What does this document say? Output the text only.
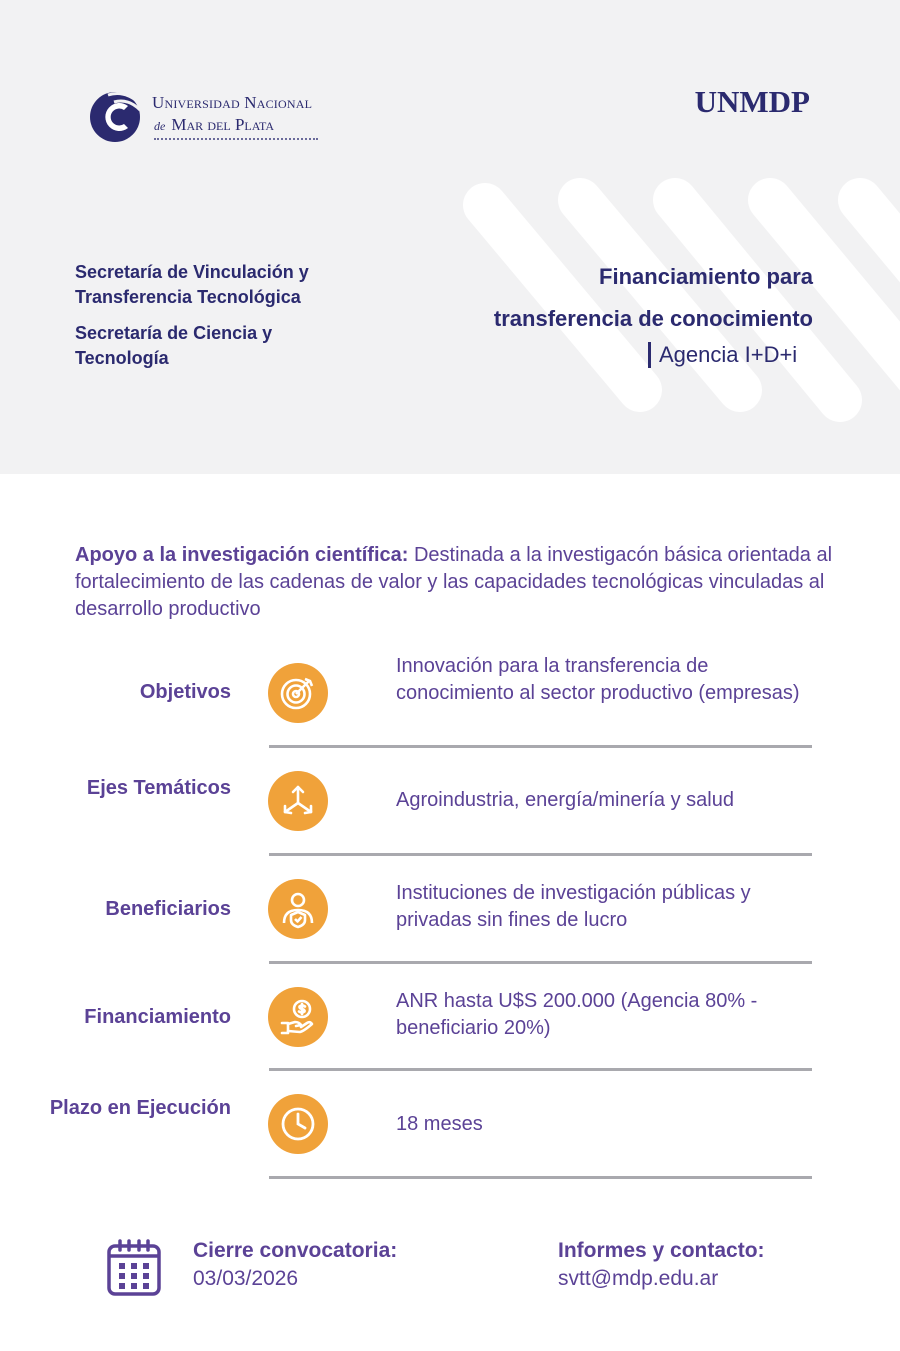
Universidad Nacional
de Mar del Plata
UNMDP
Secretaría de Vinculación y Transferencia Tecnológica
Secretaría de Ciencia y Tecnología
Financiamiento para
transferencia de conocimiento
Agencia I+D+i
Apoyo a la investigación científica: Destinada a la investigacón básica orientada al fortalecimiento de las cadenas de valor y las capacidades tecnológicas vinculadas al desarrollo productivo
Objetivos
Innovación para la transferencia de conocimiento al sector productivo (empresas)
Ejes Temáticos
Agroindustria, energía/minería y salud
Beneficiarios
Instituciones de investigación públicas y privadas sin fines de lucro
Financiamiento
ANR hasta U$S 200.000 (Agencia 80% - beneficiario 20%)
Plazo en Ejecución
18 meses
Cierre convocatoria:
03/03/2026
Informes y contacto:
svtt@mdp.edu.ar
